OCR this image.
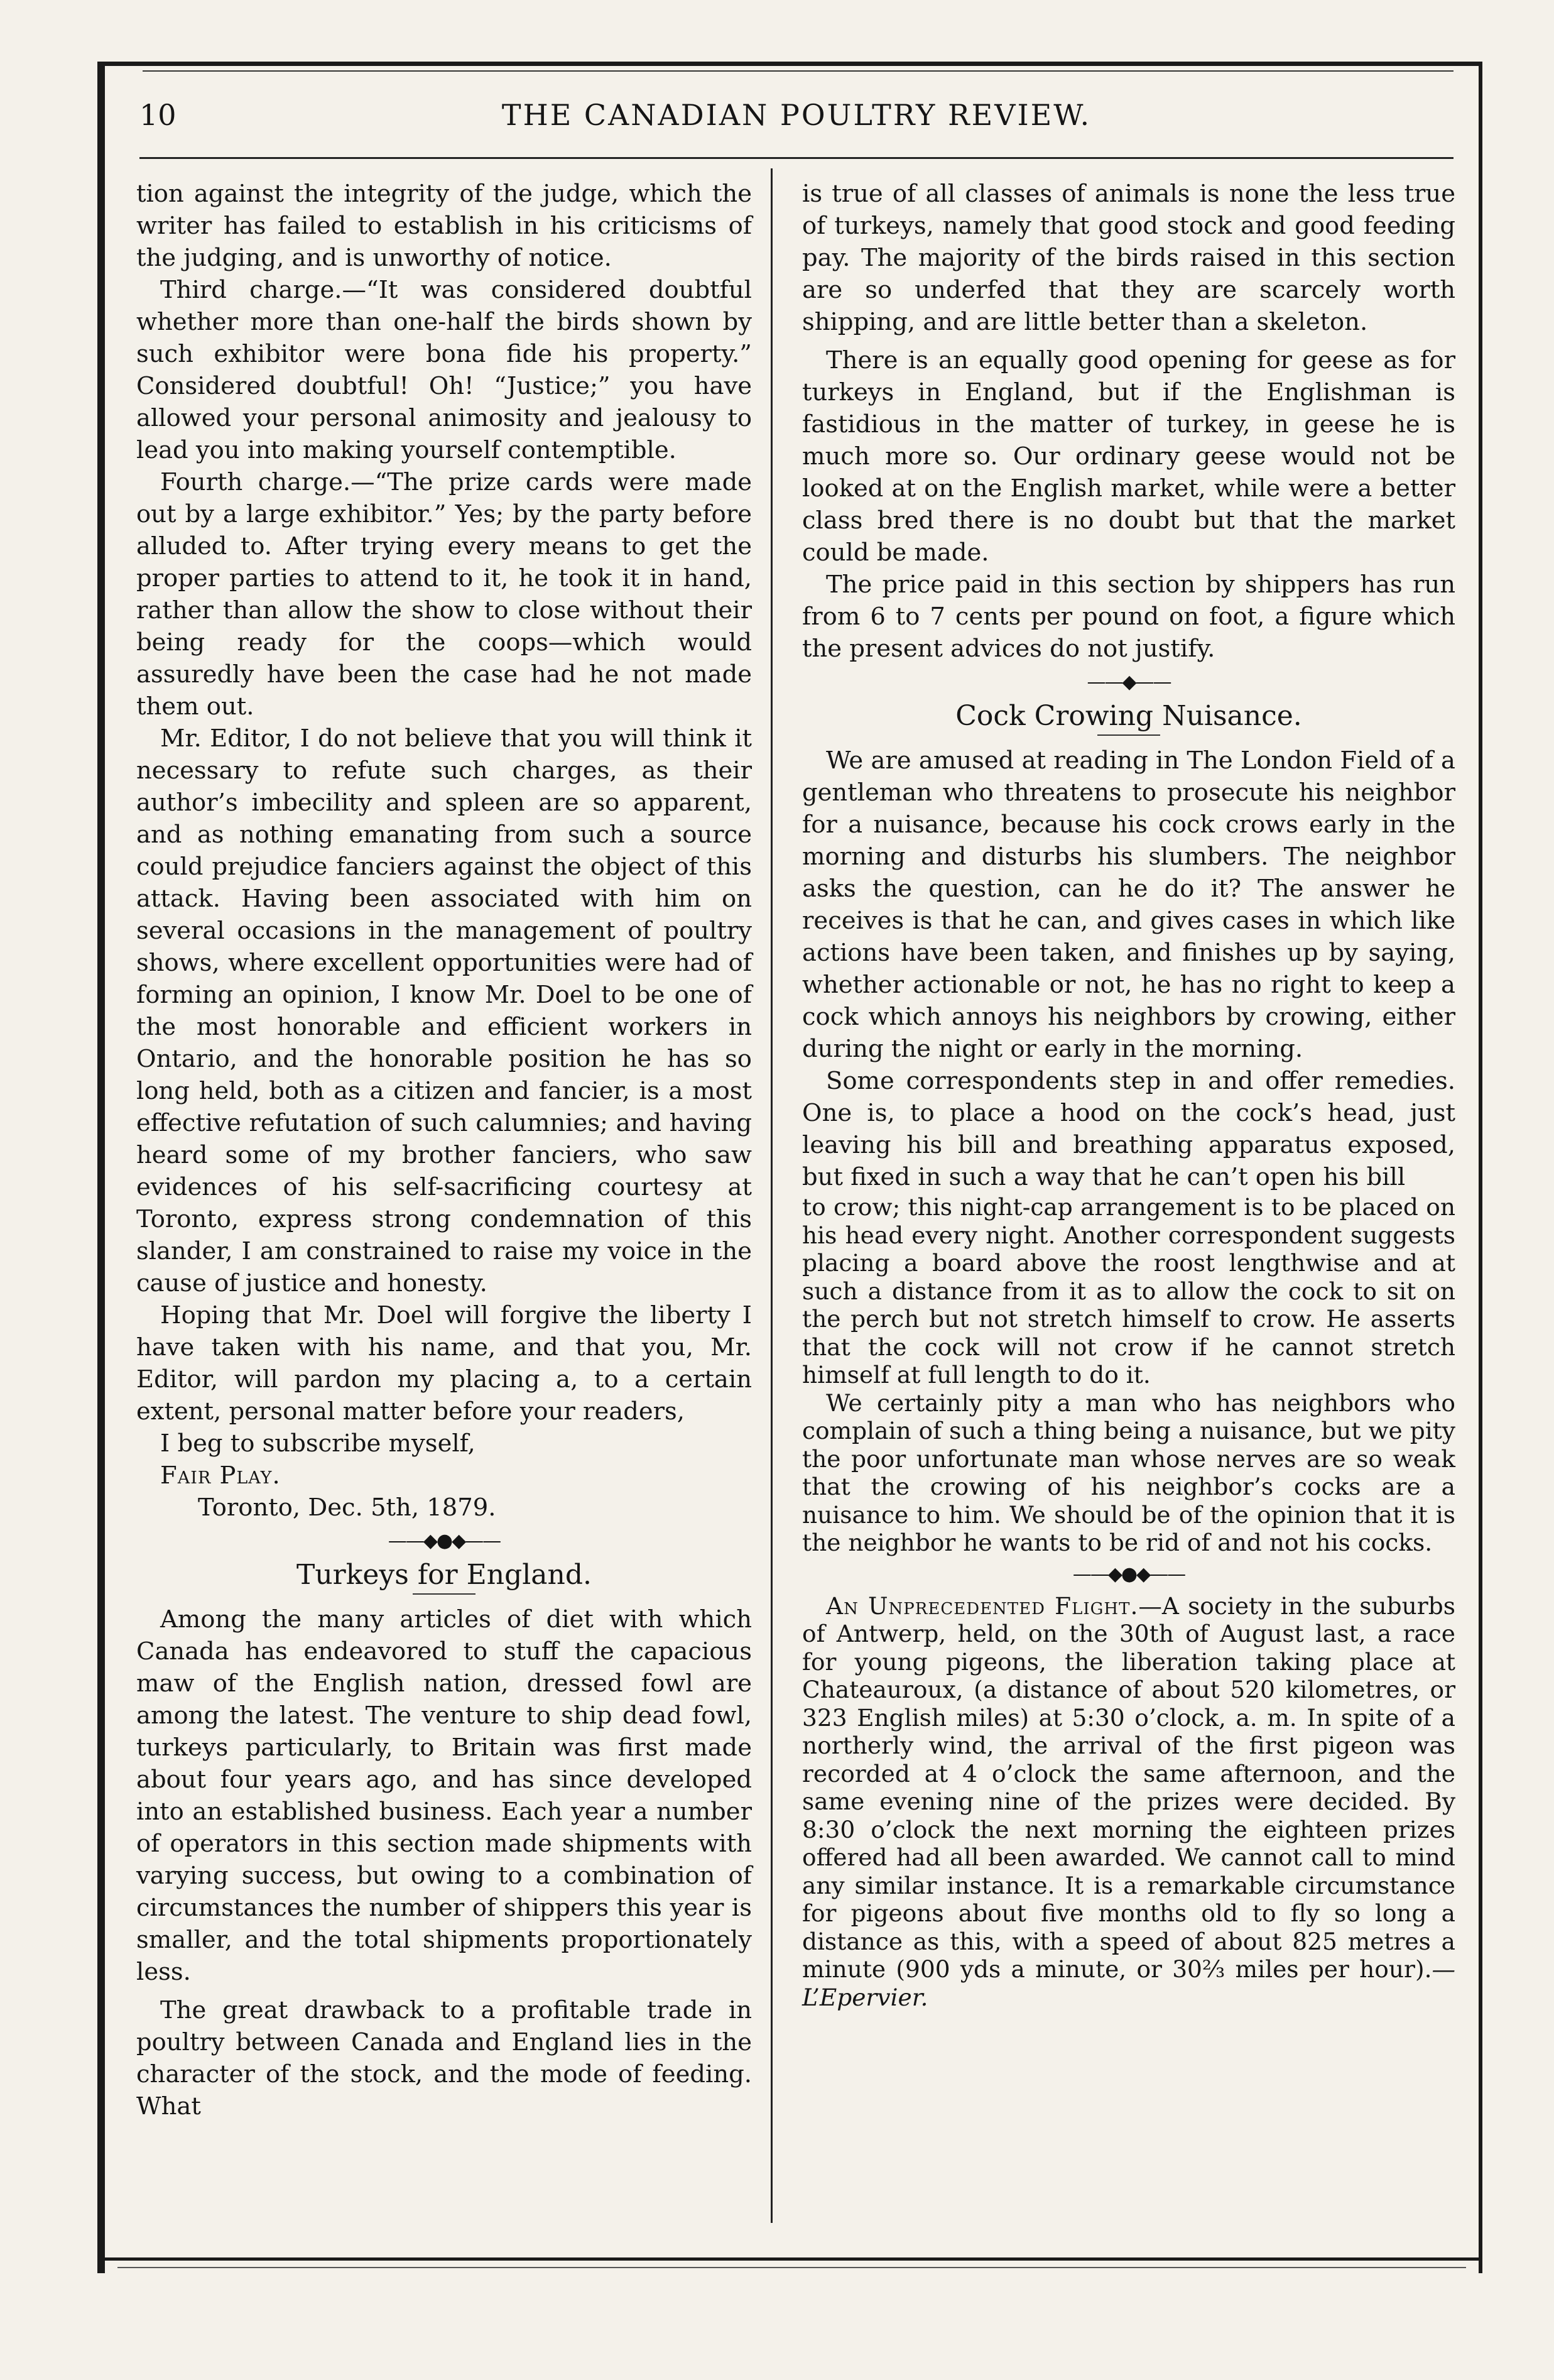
10	THE CANADIAN POULTRY REVIEW.

tion against the integrity of the judge, which the writer has failed to establish in his criticisms of the judging, and is unworthy of notice.

Third charge.—“It was considered doubtful whether more than one-half the birds shown by such exhibitor were bona fide his property.” Considered doubtful! Oh! “Justice;” you have allowed your personal animosity and jealousy to lead you into making yourself contemptible.

Fourth charge.—“The prize cards were made out by a large exhibitor.” Yes; by the party before alluded to. After trying every means to get the proper parties to attend to it, he took it in hand, rather than allow the show to close without their being ready for the coops—which would assuredly have been the case had he not made them out.

Mr. Editor, I do not believe that you will think it necessary to refute such charges, as their author’s imbecility and spleen are so apparent, and as nothing emanating from such a source could prejudice fanciers against the object of this attack. Having been associated with him on several occasions in the management of poultry shows, where excellent opportunities were had of forming an opinion, I know Mr. Doel to be one of the most honorable and efficient workers in Ontario, and the honorable position he has so long held, both as a citizen and fancier, is a most effective refutation of such calumnies; and having heard some of my brother fanciers, who saw evidences of his self-sacrificing courtesy at Toronto, express strong condemnation of this slander, I am constrained to raise my voice in the cause of justice and honesty.

Hoping that Mr. Doel will forgive the liberty I have taken with his name, and that you, Mr. Editor, will pardon my placing a, to a certain extent, personal matter before your readers,

I beg to subscribe myself,

Fair Play.

Toronto, Dec. 5th, 1879.

——◆●◆——
Turkeys for England.

Among the many articles of diet with which Canada has endeavored to stuff the capacious maw of the English nation, dressed fowl are among the latest. The venture to ship dead fowl, turkeys particularly, to Britain was first made about four years ago, and has since developed into an established business. Each year a number of operators in this section made shipments with varying success, but owing to a combination of circumstances the number of shippers this year is smaller, and the total shipments proportionately less.

The great drawback to a profitable trade in poultry between Canada and England lies in the character of the stock, and the mode of feeding. What

is true of all classes of animals is none the less true of turkeys, namely that good stock and good feeding pay. The majority of the birds raised in this section are so underfed that they are scarcely worth shipping, and are little better than a skeleton.

There is an equally good opening for geese as for turkeys in England, but if the Englishman is fastidious in the matter of turkey, in geese he is much more so. Our ordinary geese would not be looked at on the English market, while were a better class bred there is no doubt but that the market could be made.

The price paid in this section by shippers has run from 6 to 7 cents per pound on foot, a figure which the present advices do not justify.

——◆——
Cock Crowing Nuisance.

We are amused at reading in The London Field of a gentleman who threatens to prosecute his neighbor for a nuisance, because his cock crows early in the morning and disturbs his slumbers. The neighbor asks the question, can he do it? The answer he receives is that he can, and gives cases in which like actions have been taken, and finishes up by saying, whether actionable or not, he has no right to keep a cock which annoys his neighbors by crowing, either during the night or early in the morning.

Some correspondents step in and offer remedies. One is, to place a hood on the cock’s head, just leaving his bill and breathing apparatus exposed, but fixed in such a way that he can’t open his bill

to crow; this night-cap arrangement is to be placed on his head every night. Another correspondent suggests placing a board above the roost lengthwise and at such a distance from it as to allow the cock to sit on the perch but not stretch himself to crow. He asserts that the cock will not crow if he cannot stretch himself at full length to do it.

We certainly pity a man who has neighbors who complain of such a thing being a nuisance, but we pity the poor unfortunate man whose nerves are so weak that the crowing of his neighbor’s cocks are a nuisance to him. We should be of the opinion that it is the neighbor he wants to be rid of and not his cocks.

——◆●◆——

An Unprecedented Flight.—A society in the suburbs of Antwerp, held, on the 30th of August last, a race for young pigeons, the liberation taking place at Chateauroux, (a distance of about 520 kilometres, or 323 English miles) at 5:30 o’clock, a. m. In spite of a northerly wind, the arrival of the first pigeon was recorded at 4 o’clock the same afternoon, and the same evening nine of the prizes were decided. By 8:30 o’clock the next morning the eighteen prizes offered had all been awarded. We cannot call to mind any similar instance. It is a remarkable circumstance for pigeons about five months old to fly so long a distance as this, with a speed of about 825 metres a minute (900 yds a minute, or 30⅔ miles per hour).—L’Epervier.
